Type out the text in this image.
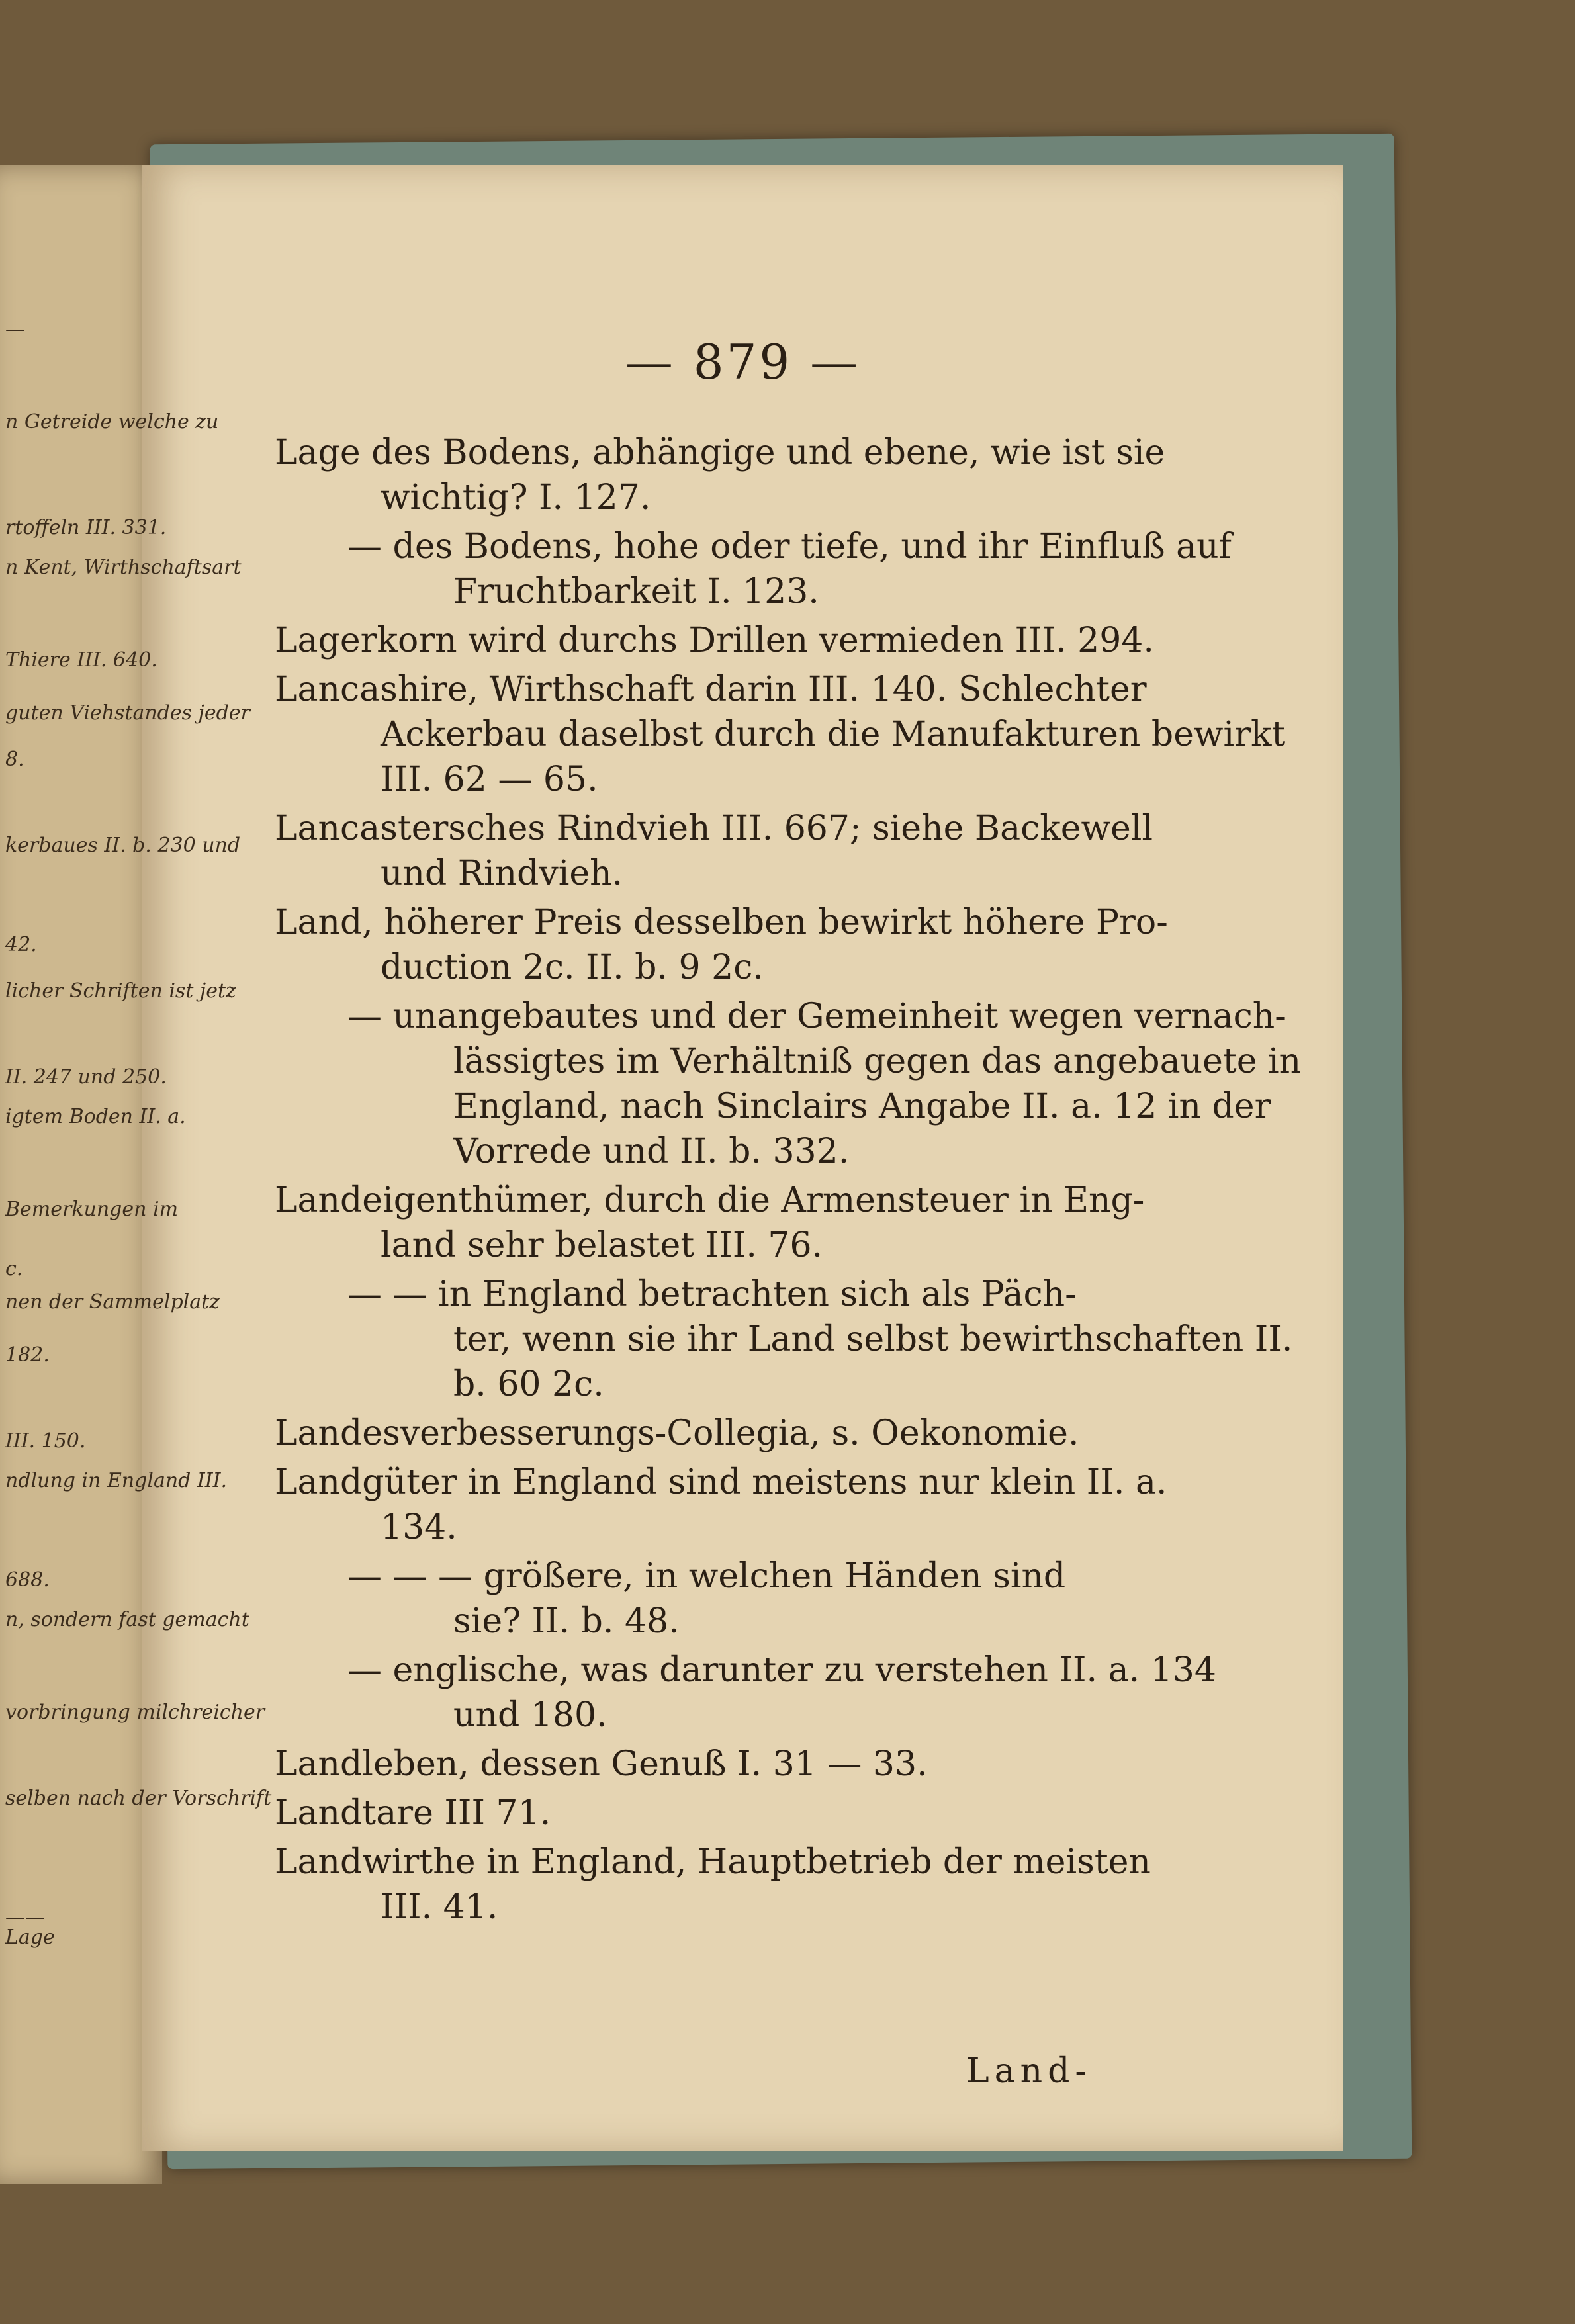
— 879 —
Lage des Bodens, abhängige und ebene, wie ist sie
wichtig? I. 127.
— des Bodens, hohe oder tiefe, und ihr Einfluß auf
Fruchtbarkeit I. 123.
Lagerkorn wird durchs Drillen vermieden III. 294.
Lancashire, Wirthschaft darin III. 140. Schlechter
Ackerbau daselbst durch die Manufakturen bewirkt
III. 62 — 65.
Lancastersches Rindvieh III. 667; siehe Backewell
und Rindvieh.
Land, höherer Preis desselben bewirkt höhere Pro-
duction 2c. II. b. 9 2c.
— unangebautes und der Gemeinheit wegen vernach-
lässigtes im Verhältniß gegen das angebauete in
England, nach Sinclairs Angabe II. a. 12 in der
Vorrede und II. b. 332.
Landeigenthümer, durch die Armensteuer in Eng-
land sehr belastet III. 76.
— — in England betrachten sich als Päch-
ter, wenn sie ihr Land selbst bewirthschaften II.
b. 60 2c.
Landesverbesserungs-Collegia, s. Oekonomie.
Landgüter in England sind meistens nur klein II. a.
134.
— — — größere, in welchen Händen sind
sie? II. b. 48.
— englische, was darunter zu verstehen II. a. 134
und 180.
Landleben, dessen Genuß I. 31 — 33.
Landtare III 71.
Landwirthe in England, Hauptbetrieb der meisten
III. 41.
Land-
—
n Getreide welche zu
rtoffeln III. 331.
n Kent, Wirthschaftsart
Thiere III. 640.
guten Viehstandes jeder
8.
kerbaues II. b. 230 und
42.
licher Schriften ist jetz
II. 247 und 250.
igtem Boden II. a.
Bemerkungen im
c.
nen der Sammelplatz
182.
III. 150.
ndlung in England III.
688.
n, sondern fast gemacht
vorbringung milchreicher
selben nach der Vorschrift
——
Lage
